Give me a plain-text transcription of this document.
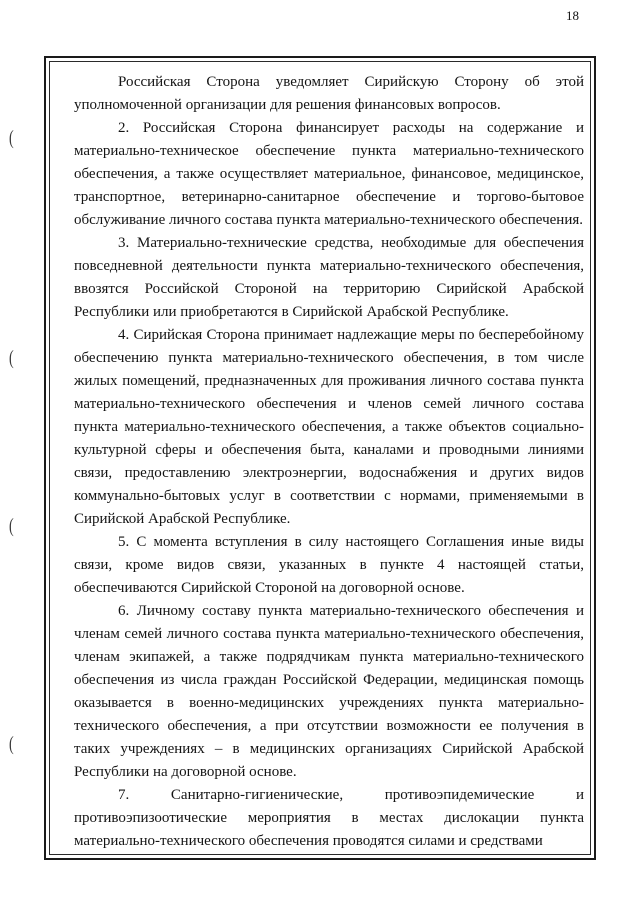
18
(
(
(
(

Российская Сторона уведомляет Сирийскую Сторону об этой уполномоченной организации для решения финансовых вопросов.

2. Российская Сторона финансирует расходы на содержание и материально-техническое обеспечение пункта материально-технического обеспечения, а также осуществляет материальное, финансовое, медицинское, транспортное, ветеринарно-санитарное обеспечение и торгово-бытовое обслуживание личного состава пункта материально-технического обеспечения.

3. Материально-технические средства, необходимые для обеспечения повседневной деятельности пункта материально-технического обеспечения, ввозятся Российской Стороной на территорию Сирийской Арабской Республики или приобретаются в Сирийской Арабской Республике.

4. Сирийская Сторона принимает надлежащие меры по бесперебойному обеспечению пункта материально-технического обеспечения, в том числе жилых помещений, предназначенных для проживания личного состава пункта материально-технического обеспечения и членов семей личного состава пункта материально-технического обеспечения, а также объектов социально-культурной сферы и обеспечения быта, каналами и проводными линиями связи, предоставлению электроэнергии, водоснабжения и других видов коммунально-бытовых услуг в соответствии с нормами, применяемыми в Сирийской Арабской Республике.

5. С момента вступления в силу настоящего Соглашения иные виды связи, кроме видов связи, указанных в пункте 4 настоящей статьи, обеспечиваются Сирийской Стороной на договорной основе.

6. Личному составу пункта материально-технического обеспечения и членам семей личного состава пункта материально-технического обеспечения, членам экипажей, а также подрядчикам пункта материально-технического обеспечения из числа граждан Российской Федерации, медицинская помощь оказывается в военно-медицинских учреждениях пункта материально-технического обеспечения, а при отсутствии возможности ее получения в таких учреждениях – в медицинских организациях Сирийской Арабской Республики на договорной основе.

7. Санитарно-гигиенические, противоэпидемические и противоэпизоотические мероприятия в местах дислокации пункта материально-технического обеспечения проводятся силами и средствами
